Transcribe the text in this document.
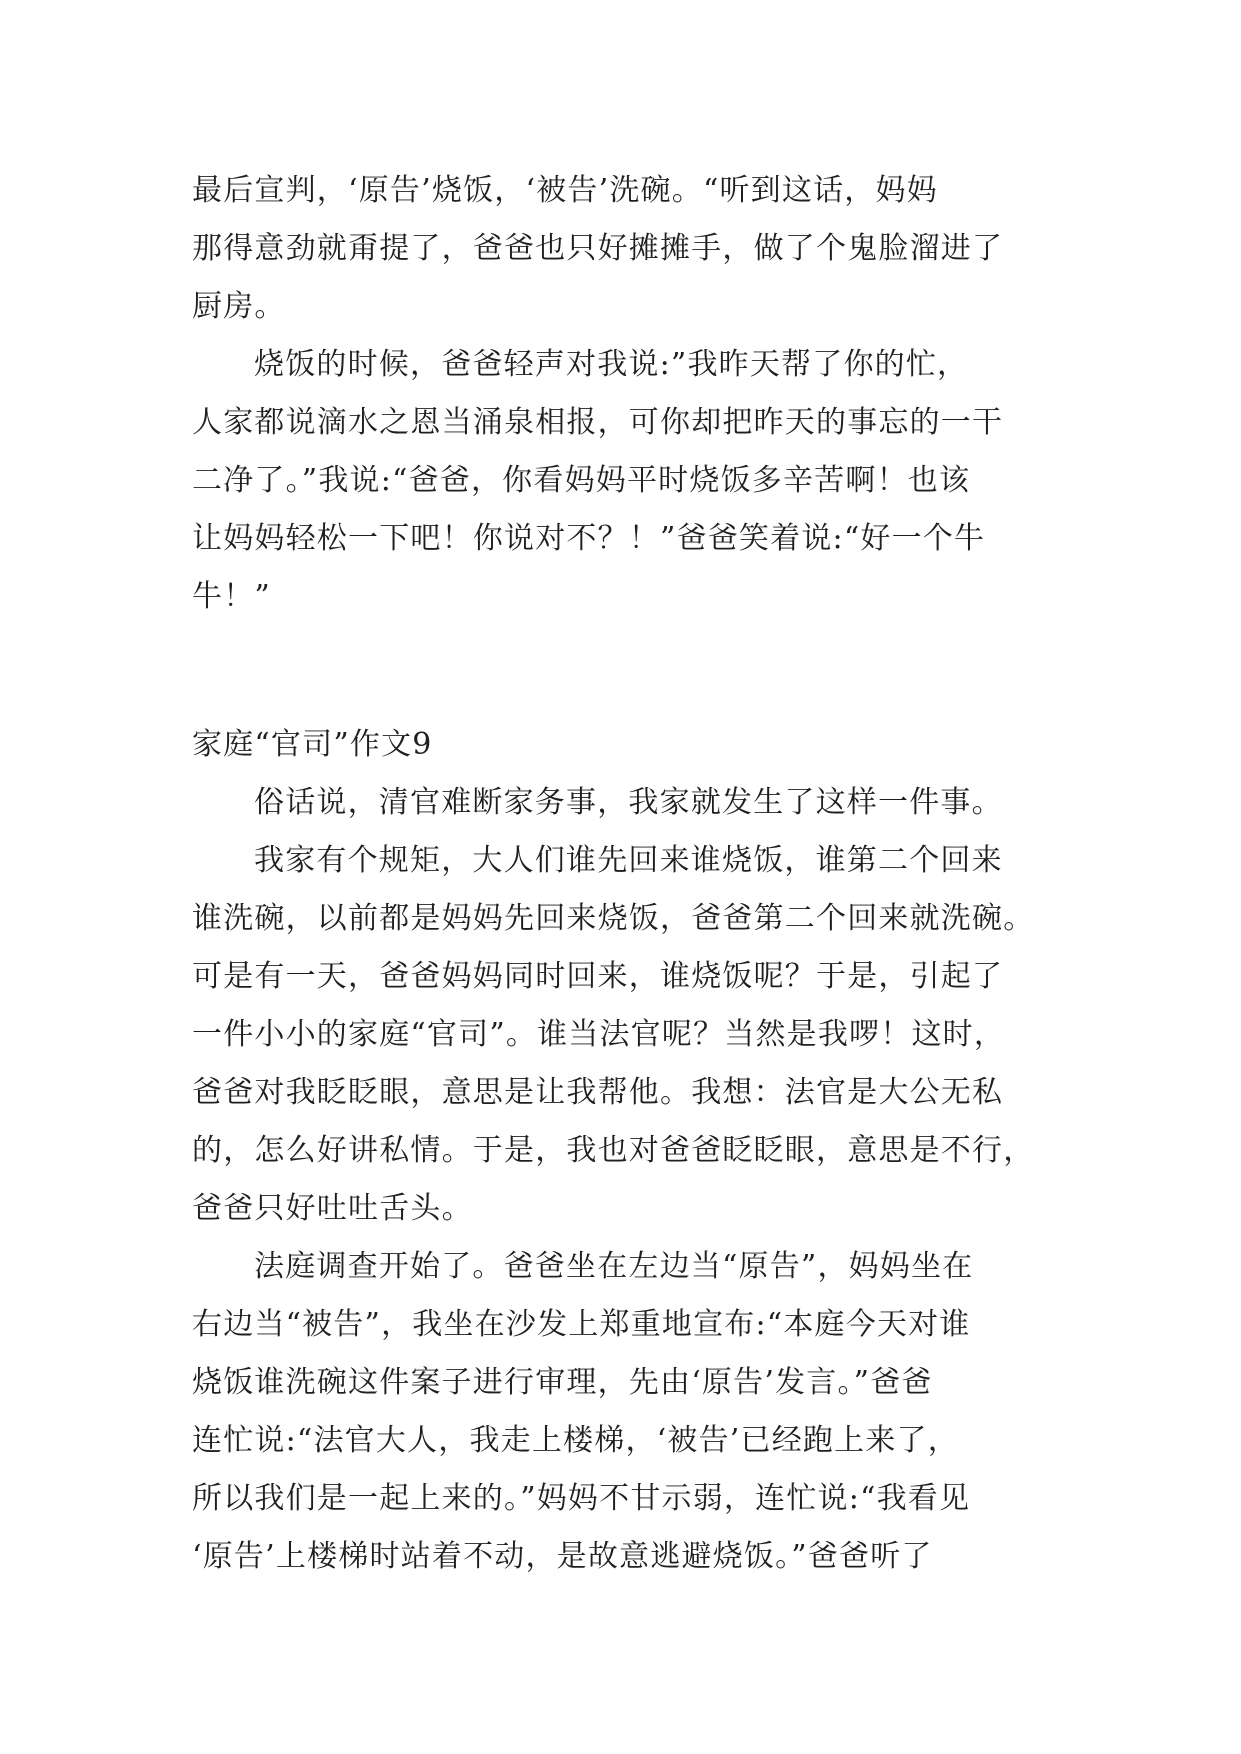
最后宣判，‘原告’烧饭，‘被告’洗碗。“听到这话，妈妈
那得意劲就甭提了，爸爸也只好摊摊手，做了个鬼脸溜进了
厨房。
烧饭的时候，爸爸轻声对我说:”我昨天帮了你的忙，
人家都说滴水之恩当涌泉相报，可你却把昨天的事忘的一干
二净了。”我说:“爸爸，你看妈妈平时烧饭多辛苦啊！也该
让妈妈轻松一下吧！你说对不？！”爸爸笑着说:“好一个牛
牛！”
家庭“官司”作文9
俗话说，清官难断家务事，我家就发生了这样一件事。
我家有个规矩，大人们谁先回来谁烧饭，谁第二个回来
谁洗碗，以前都是妈妈先回来烧饭，爸爸第二个回来就洗碗。
可是有一天，爸爸妈妈同时回来，谁烧饭呢？于是，引起了
一件小小的家庭“官司”。谁当法官呢？当然是我啰！这时，
爸爸对我眨眨眼，意思是让我帮他。我想：法官是大公无私
的，怎么好讲私情。于是，我也对爸爸眨眨眼，意思是不行，
爸爸只好吐吐舌头。
法庭调查开始了。爸爸坐在左边当“原告”，妈妈坐在
右边当“被告”，我坐在沙发上郑重地宣布:“本庭今天对谁
烧饭谁洗碗这件案子进行审理，先由‘原告’发言。”爸爸
连忙说:“法官大人，我走上楼梯，‘被告’已经跑上来了，
所以我们是一起上来的。”妈妈不甘示弱，连忙说:“我看见
‘原告’上楼梯时站着不动，是故意逃避烧饭。”爸爸听了
